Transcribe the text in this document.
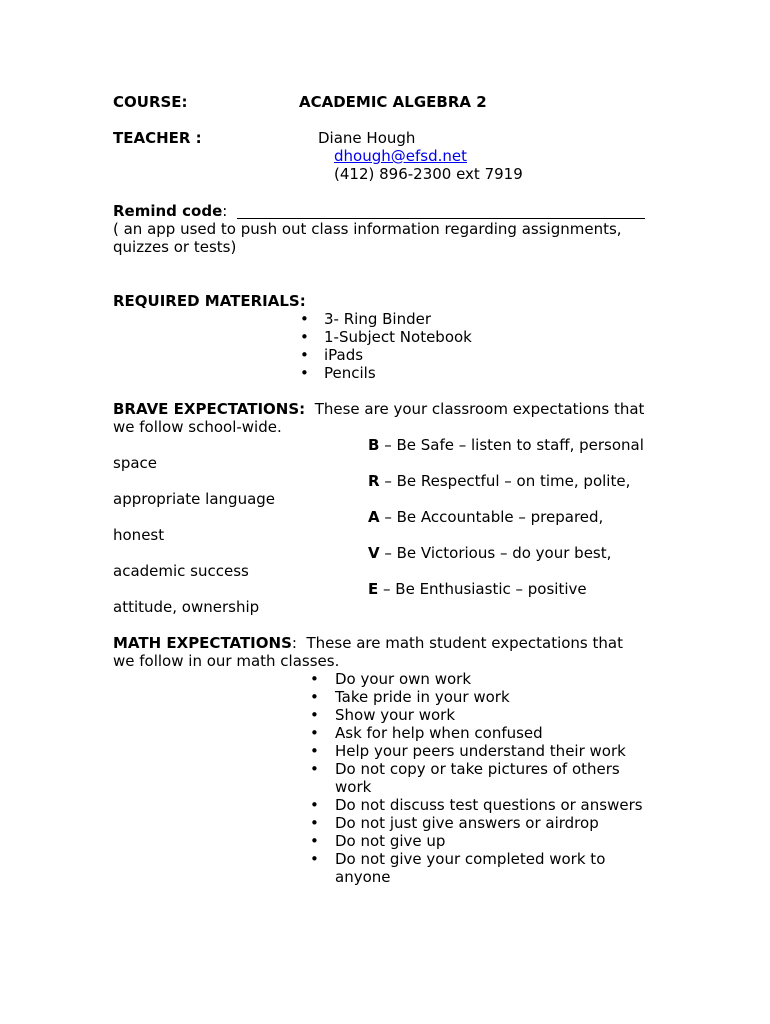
COURSE:	ACADEMIC ALGEBRA 2
TEACHER :	Diane Hough
dhough@efsd.net
(412) 896-2300 ext 7919
Remind code:
( an app used to push out class information regarding assignments,
quizzes or tests)
REQUIRED MATERIALS:
•	3- Ring Binder
•	1-Subject Notebook
•	iPads
•	Pencils
BRAVE EXPECTATIONS: These are your classroom expectations that
we follow school-wide.
B – Be Safe – listen to staff, personal
space
R – Be Respectful – on time, polite,
appropriate language
A – Be Accountable – prepared,
honest
V – Be Victorious – do your best,
academic success
E – Be Enthusiastic – positive
attitude, ownership
MATH EXPECTATIONS: These are math student expectations that
we follow in our math classes.
•	Do your own work
•	Take pride in your work
•	Show your work
•	Ask for help when confused
•	Help your peers understand their work
•	Do not copy or take pictures of others work
•	Do not discuss test questions or answers
•	Do not just give answers or airdrop
•	Do not give up
•	Do not give your completed work to anyone
